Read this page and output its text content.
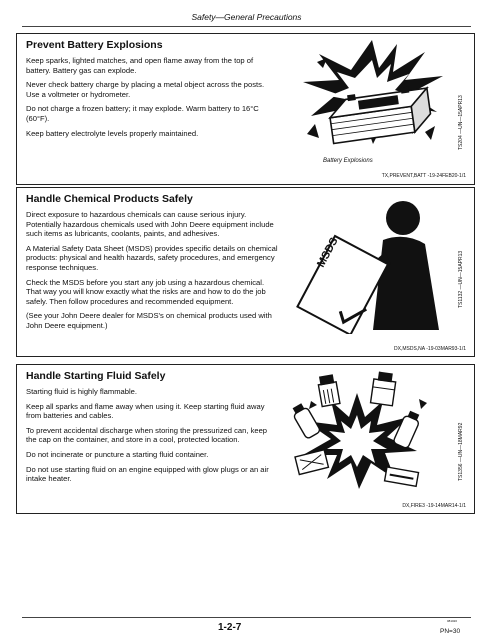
Safety—General Precautions
Prevent Battery Explosions

Keep sparks, lighted matches, and open flame away from the top of battery. Battery gas can explode.

Never check battery charge by placing a metal object across the posts. Use a voltmeter or hydrometer.

Do not charge a frozen battery; it may explode. Warm battery to 16°C (60°F).

Keep battery electrolyte levels properly maintained.

Battery Explosions
TS204 —UN—15APR13
TX,PREVENT,BATT -19-24FEB20-1/1
Handle Chemical Products Safely

Direct exposure to hazardous chemicals can cause serious injury. Potentially hazardous chemicals used with John Deere equipment include such items as lubricants, coolants, paints, and adhesives.

A Material Safety Data Sheet (MSDS) provides specific details on chemical products: physical and health hazards, safety procedures, and emergency response techniques.

Check the MSDS before you start any job using a hazardous chemical. That way you will know exactly what the risks are and how to do the job safely. Then follow procedures and recommended equipment.

(See your John Deere dealer for MSDS's on chemical products used with John Deere equipment.)

MSDS	TS1132 —UN—15APR13
DX,MSDS,NA -19-03MAR93-1/1
Handle Starting Fluid Safely

Starting fluid is highly flammable.

Keep all sparks and flame away when using it. Keep starting fluid away from batteries and cables.

To prevent accidental discharge when storing the pressurized can, keep the cap on the container, and store in a cool, protected location.

Do not incinerate or puncture a starting fluid container.

Do not use starting fluid on an engine equipped with glow plugs or an air intake heater.	TS1356 —UN—18MAR92
DX,FIRE3 -19-14MAR14-1/1
1-2-7
081020
PN=30
